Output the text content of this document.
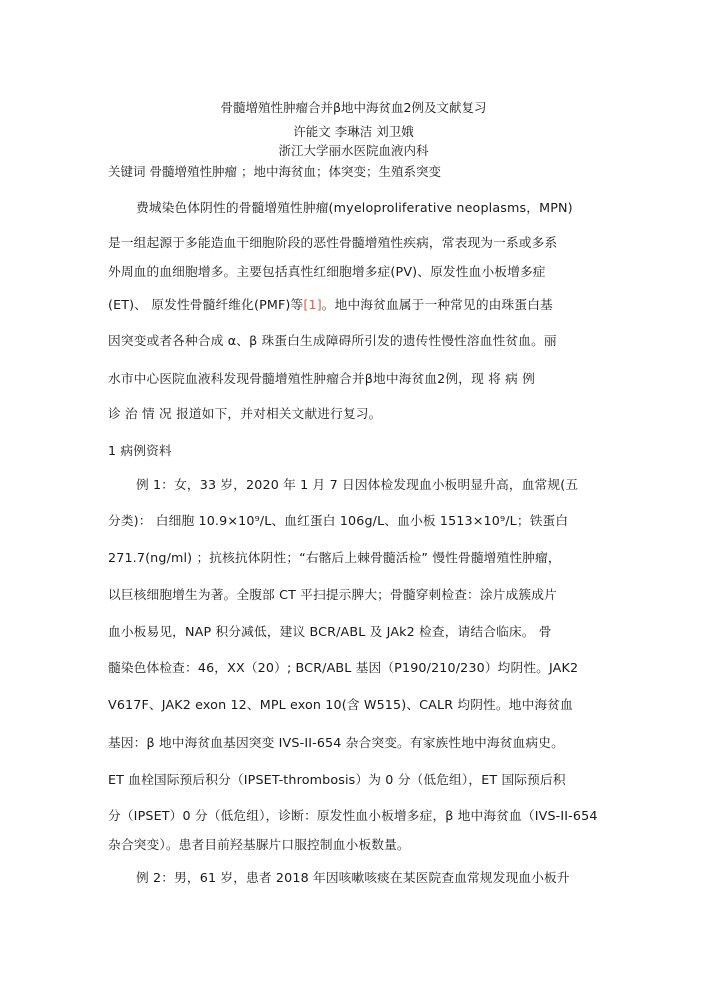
骨髓增殖性肿瘤合并β地中海贫血2例及文献复习
许能文 李琳洁 刘卫娥
浙江大学丽水医院血液内科
关键词 骨髓增殖性肿瘤 ；地中海贫血；体突变；生殖系突变
费城染色体阴性的骨髓增殖性肿瘤(myeloproliferative neoplasms，MPN)
是一组起源于多能造血干细胞阶段的恶性骨髓增殖性疾病，常表现为一系或多系
外周血的血细胞增多。主要包括真性红细胞增多症(PV)、原发性血小板增多症
(ET)、 原发性骨髓纤维化(PMF)等[1]。地中海贫血属于一种常见的由珠蛋白基
因突变或者各种合成 α、β 珠蛋白生成障碍所引发的遗传性慢性溶血性贫血。丽
水市中心医院血液科发现骨髓增殖性肿瘤合并β地中海贫血2例，现 将 病 例
诊 治 情 况 报道如下，并对相关文献进行复习。
1 病例资料
例 1：女，33 岁，2020 年 1 月 7 日因体检发现血小板明显升高，血常规(五
分类)： 白细胞 10.9×10⁹/L、血红蛋白 106g/L、血小板 1513×10⁹/L；铁蛋白
271.7(ng/ml) ；抗核抗体阴性；“右髂后上棘骨髓活检” 慢性骨髓增殖性肿瘤，
以巨核细胞增生为著。全腹部 CT 平扫提示脾大；骨髓穿刺检查：涂片成簇成片
血小板易见，NAP 积分减低，建议 BCR/ABL 及 JAk2 检查，请结合临床。 骨
髓染色体检查：46，XX（20）; BCR/ABL 基因（P190/210/230）均阴性。JAK2
V617F、JAK2 exon 12、MPL exon 10(含 W515)、CALR 均阴性。地中海贫血
基因：β 地中海贫血基因突变 IVS-II-654 杂合突变。有家族性地中海贫血病史。
ET 血栓国际预后积分（IPSET-thrombosis）为 0 分（低危组），ET 国际预后积
分（IPSET）0 分（低危组），诊断：原发性血小板增多症，β 地中海贫血（IVS-II-654
杂合突变）。患者目前羟基脲片口服控制血小板数量。
例 2：男，61 岁，患者 2018 年因咳嗽咳痰在某医院查血常规发现血小板升
